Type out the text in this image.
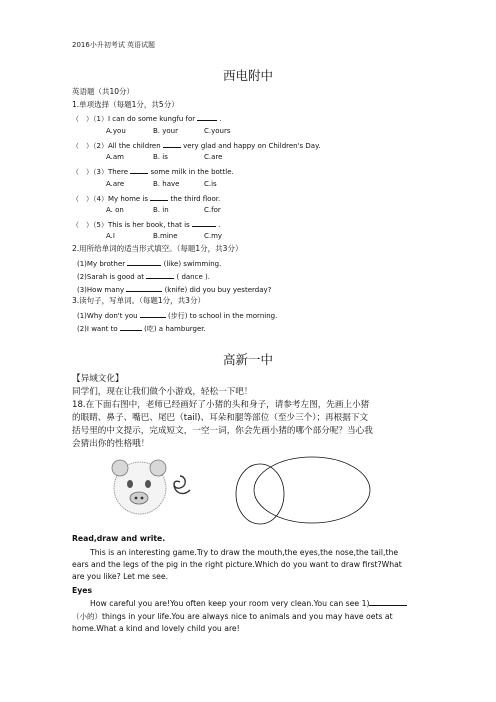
2016小升初考试 英语试题
西电附中
英语题（共10分）
1.单项选择（每题1分，共5分）
（　）（1）I can do some kungfu for	.
A.you	B. your	C.yours
（　）（2）All the children	very glad and happy on Children's Day.
A.am	B. is	C.are
（　）（3）There	some milk in the bottle.
A.are	B. have	C.is
（　）（4）My home is	the third floor.
A. on	B. in	C.for
（　）（5）This is her book, that is	.
A.I	B.mine	C.my
2.用所给单词的适当形式填空。（每题1分，共3分）
(1)My brother	(like) swimming.
(2)Sarah is good at	( dance ).
(3)How many	(knife) did you buy yesterday?
3.读句子，写单词。（每题1分，共3分）
(1)Why don't you	(步行) to school in the morning.
(2)I want to	(吃) a hamburger.
高新一中
【异域文化】
同学们，现在让我们做个小游戏，轻松一下吧！
18.在下面右图中，老师已经画好了小猪的头和身子，请参考左图，先画上小猪
的眼睛、鼻子、嘴巴、尾巴（tail)、耳朵和腿等部位（至少三个）；再根据下文
括号里的中文提示，完成短文，一空一词，你会先画小猪的哪个部分呢？当心我
会猜出你的性格哦！
Read,draw and write.
This is an interesting game.Try to draw the mouth,the eyes,the nose,the tail,the
ears and the legs of the pig in the right picture.Which do you want to draw first?What
are you like? Let me see.
Eyes
How careful you are!You often keep your room very clean.You can see 1)
（小的）things in your life.You are always nice to animals and you may have oets at
home.What a kind and lovely child you are!
